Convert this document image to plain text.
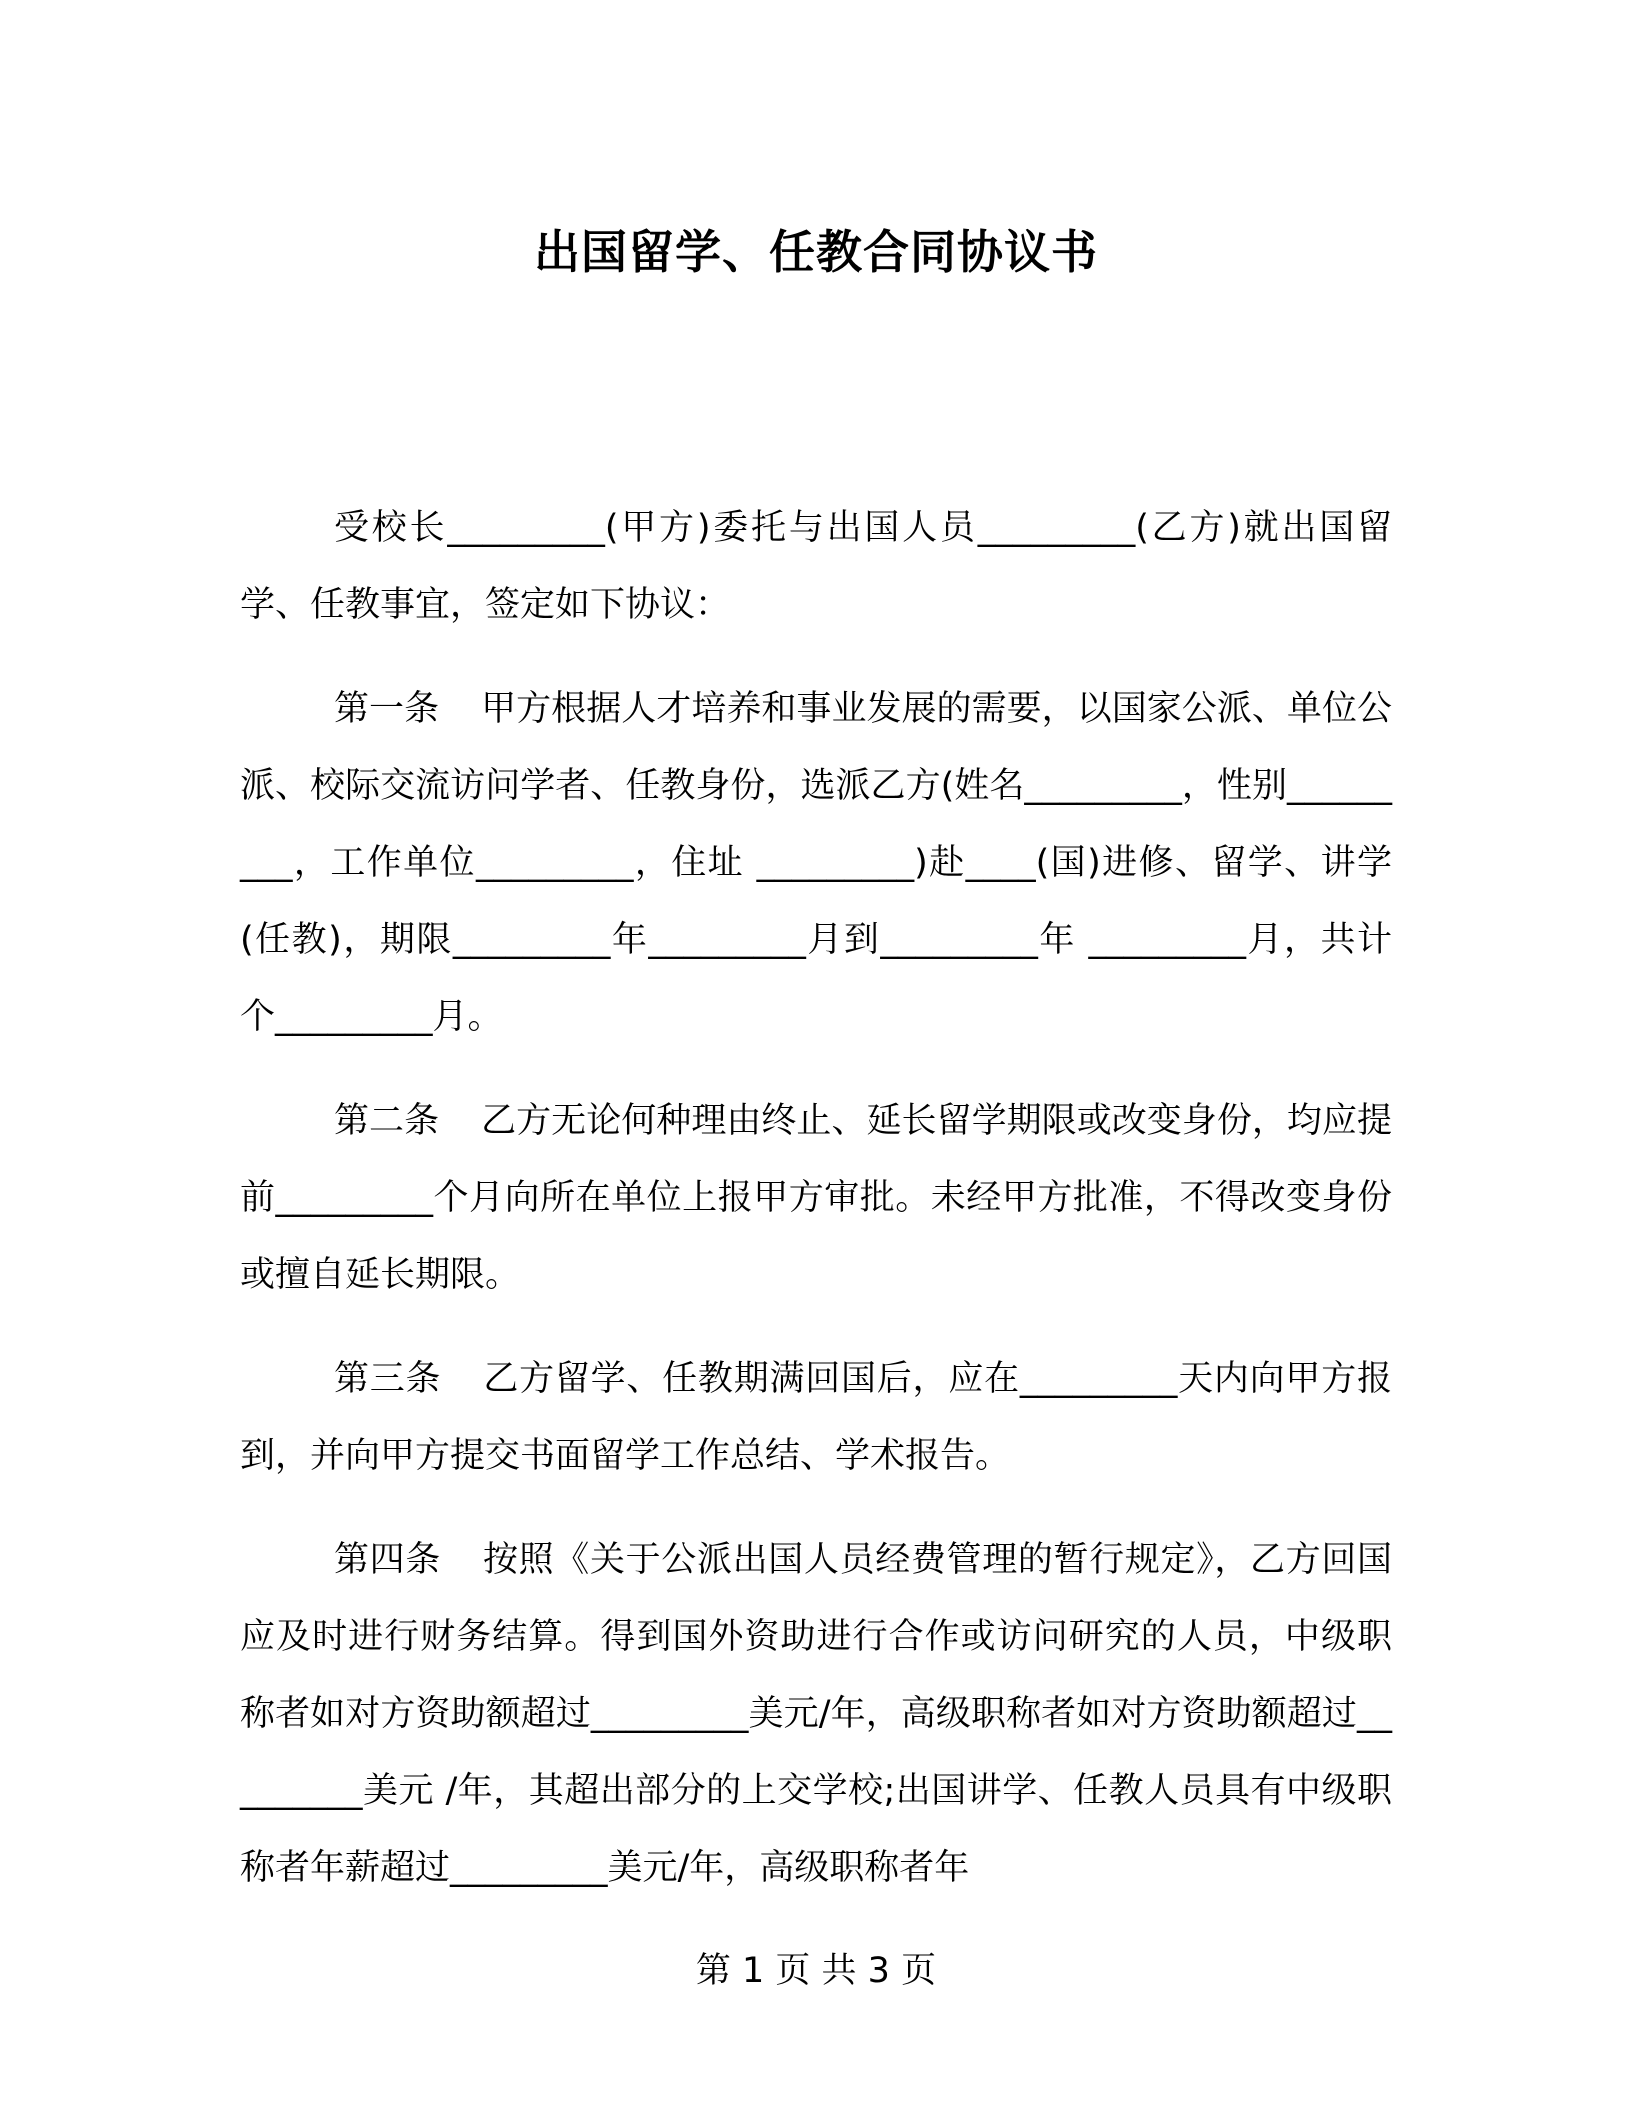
出国留学、任教合同协议书

受校长_________(甲方)委托与出国人员_________(乙方)就出国留学、任教事宜，签定如下协议：

第一条 甲方根据人才培养和事业发展的需要，以国家公派、单位公派、校际交流访问学者、任教身份，选派乙方(姓名_________，性别_________，工作单位_________，住址 _________)赴____(国)进修、留学、讲学(任教)，期限_________年_________月到_________年 _________月，共计个_________月。

第二条 乙方无论何种理由终止、延长留学期限或改变身份，均应提前_________个月向所在单位上报甲方审批。未经甲方批准，不得改变身份或擅自延长期限。

第三条 乙方留学、任教期满回国后，应在_________天内向甲方报到，并向甲方提交书面留学工作总结、学术报告。

第四条 按照《关于公派出国人员经费管理的暂行规定》，乙方回国应及时进行财务结算。得到国外资助进行合作或访问研究的人员，中级职称者如对方资助额超过_________美元/年，高级职称者如对方资助额超过_________美元 /年，其超出部分的上交学校;出国讲学、任教人员具有中级职称者年薪超过_________美元/年，高级职称者年

第 1 页 共 3 页
